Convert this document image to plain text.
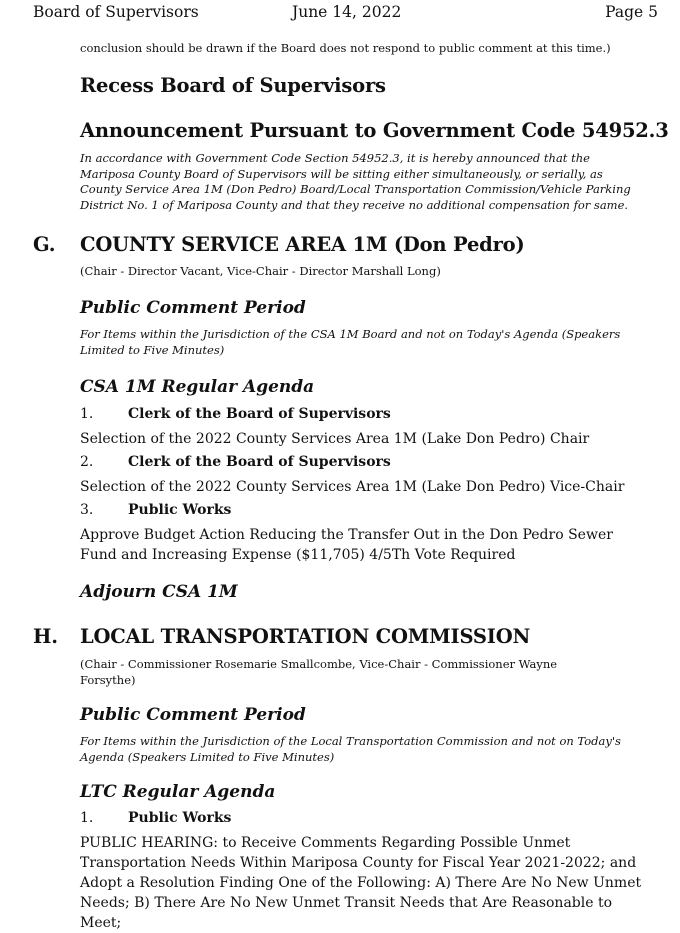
Board of Supervisors	June 14, 2022	Page 5
conclusion should be drawn if the Board does not respond to public comment at this time.)
Recess Board of Supervisors
Announcement Pursuant to Government Code 54952.3
In accordance with Government Code Section 54952.3, it is hereby announced that the
Mariposa County Board of Supervisors will be sitting either simultaneously, or serially, as
County Service Area 1M (Don Pedro) Board/Local Transportation Commission/Vehicle Parking
District No. 1 of Mariposa County and that they receive no additional compensation for same.
G. COUNTY SERVICE AREA 1M (Don Pedro)
(Chair - Director Vacant, Vice-Chair - Director Marshall Long)
Public Comment Period
For Items within the Jurisdiction of the CSA 1M Board and not on Today's Agenda (Speakers
Limited to Five Minutes)
CSA 1M Regular Agenda
1. Clerk of the Board of Supervisors
Selection of the 2022 County Services Area 1M (Lake Don Pedro) Chair
2. Clerk of the Board of Supervisors
Selection of the 2022 County Services Area 1M (Lake Don Pedro) Vice-Chair
3. Public Works
Approve Budget Action Reducing the Transfer Out in the Don Pedro Sewer
Fund and Increasing Expense ($11,705) 4/5Th Vote Required
Adjourn CSA 1M
H. LOCAL TRANSPORTATION COMMISSION
(Chair - Commissioner Rosemarie Smallcombe, Vice-Chair - Commissioner Wayne
Forsythe)
Public Comment Period
For Items within the Jurisdiction of the Local Transportation Commission and not on Today's
Agenda (Speakers Limited to Five Minutes)
LTC Regular Agenda
1. Public Works
PUBLIC HEARING: to Receive Comments Regarding Possible Unmet
Transportation Needs Within Mariposa County for Fiscal Year 2021-2022; and
Adopt a Resolution Finding One of the Following: A) There Are No New Unmet
Needs; B) There Are No New Unmet Transit Needs that Are Reasonable to Meet;
